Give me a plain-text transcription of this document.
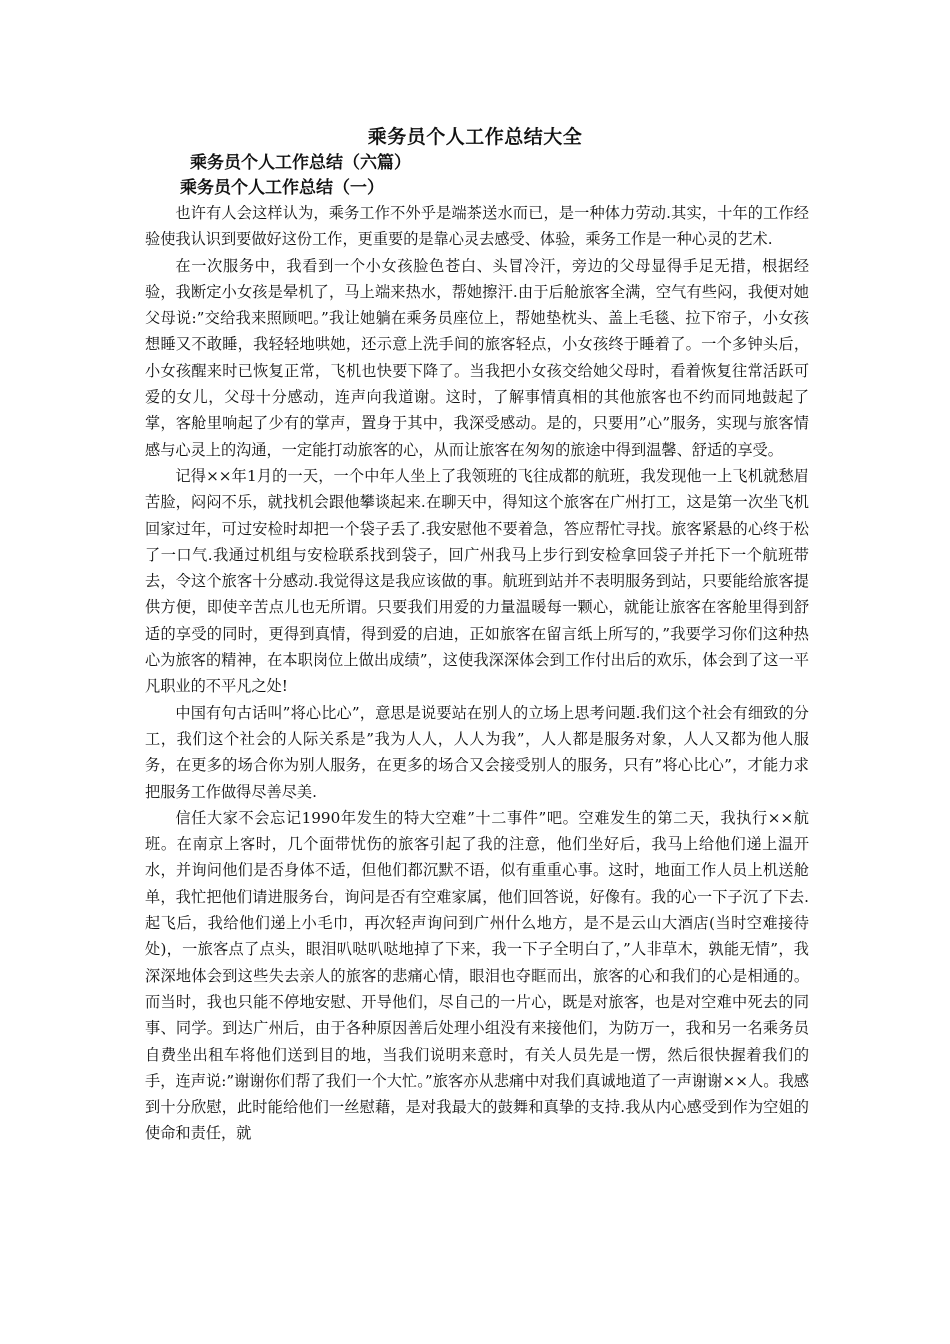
乘务员个人工作总结大全
乘务员个人工作总结（六篇）
乘务员个人工作总结（一）

也许有人会这样认为，乘务工作不外乎是端茶送水而已，是一种体力劳动.其实，十年的工作经验使我认识到要做好这份工作，更重要的是靠心灵去感受、体验，乘务工作是一种心灵的艺术.

在一次服务中，我看到一个小女孩脸色苍白、头冒冷汗，旁边的父母显得手足无措，根据经验，我断定小女孩是晕机了，马上端来热水，帮她擦汗.由于后舱旅客全满，空气有些闷，我便对她父母说:”交给我来照顾吧。”我让她躺在乘务员座位上，帮她垫枕头、盖上毛毯、拉下帘子，小女孩想睡又不敢睡，我轻轻地哄她，还示意上洗手间的旅客轻点，小女孩终于睡着了。一个多钟头后，小女孩醒来时已恢复正常，飞机也快要下降了。当我把小女孩交给她父母时，看着恢复往常活跃可爱的女儿，父母十分感动，连声向我道谢。这时，了解事情真相的其他旅客也不约而同地鼓起了掌，客舱里响起了少有的掌声，置身于其中，我深受感动。是的，只要用”心”服务，实现与旅客情感与心灵上的沟通，一定能打动旅客的心，从而让旅客在匆匆的旅途中得到温馨、舒适的享受。

记得××年1月的一天，一个中年人坐上了我领班的飞往成都的航班，我发现他一上飞机就愁眉苦脸，闷闷不乐，就找机会跟他攀谈起来.在聊天中，得知这个旅客在广州打工，这是第一次坐飞机回家过年，可过安检时却把一个袋子丢了.我安慰他不要着急，答应帮忙寻找。旅客紧悬的心终于松了一口气.我通过机组与安检联系找到袋子，回广州我马上步行到安检拿回袋子并托下一个航班带去，令这个旅客十分感动.我觉得这是我应该做的事。航班到站并不表明服务到站，只要能给旅客提供方便，即使辛苦点儿也无所谓。只要我们用爱的力量温暖每一颗心，就能让旅客在客舱里得到舒适的享受的同时，更得到真情，得到爱的启迪，正如旅客在留言纸上所写的，”我要学习你们这种热心为旅客的精神，在本职岗位上做出成绩”，这使我深深体会到工作付出后的欢乐，体会到了这一平凡职业的不平凡之处!

中国有句古话叫”将心比心”，意思是说要站在别人的立场上思考问题.我们这个社会有细致的分工，我们这个社会的人际关系是”我为人人，人人为我”，人人都是服务对象，人人又都为他人服务，在更多的场合你为别人服务，在更多的场合又会接受别人的服务，只有”将心比心”，才能力求把服务工作做得尽善尽美.

信任大家不会忘记1990年发生的特大空难”十二事件”吧。空难发生的第二天，我执行××航班。在南京上客时，几个面带忧伤的旅客引起了我的注意，他们坐好后，我马上给他们递上温开水，并询问他们是否身体不适，但他们都沉默不语，似有重重心事。这时，地面工作人员上机送舱单，我忙把他们请进服务台，询问是否有空难家属，他们回答说，好像有。我的心一下子沉了下去.起飞后，我给他们递上小毛巾，再次轻声询问到广州什么地方，是不是云山大酒店(当时空难接待处)，一旅客点了点头，眼泪叭哒叭哒地掉了下来，我一下子全明白了，”人非草木，孰能无情”，我深深地体会到这些失去亲人的旅客的悲痛心情，眼泪也夺眶而出，旅客的心和我们的心是相通的。而当时，我也只能不停地安慰、开导他们，尽自己的一片心，既是对旅客，也是对空难中死去的同事、同学。到达广州后，由于各种原因善后处理小组没有来接他们，为防万一，我和另一名乘务员自费坐出租车将他们送到目的地，当我们说明来意时，有关人员先是一愣，然后很快握着我们的手，连声说:”谢谢你们帮了我们一个大忙。”旅客亦从悲痛中对我们真诚地道了一声谢谢××人。我感到十分欣慰，此时能给他们一丝慰藉，是对我最大的鼓舞和真挚的支持.我从内心感受到作为空姐的使命和责任，就
